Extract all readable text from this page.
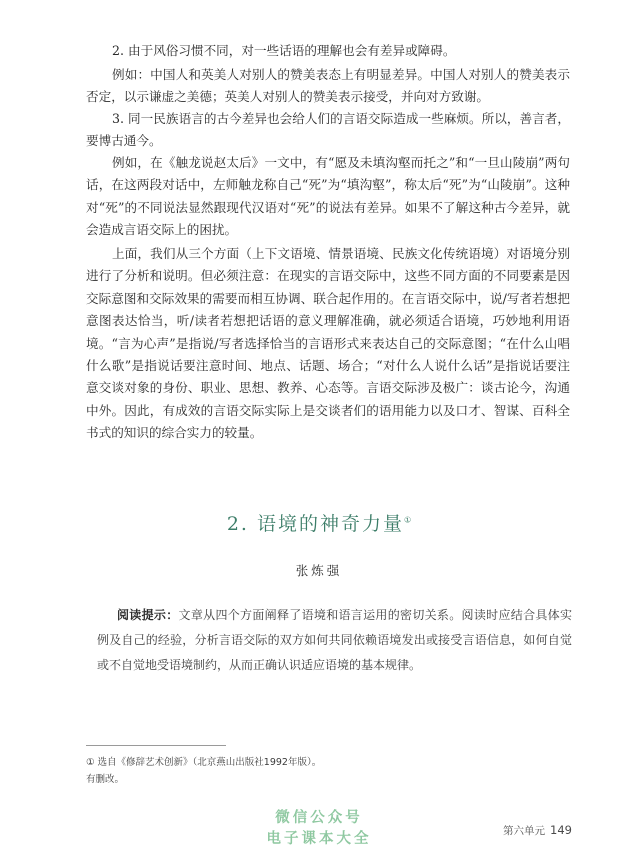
2. 由于风俗习惯不同，对一些话语的理解也会有差异或障碍。

例如：中国人和英美人对别人的赞美表态上有明显差异。中国人对别人的赞美表示否定，以示谦虚之美德；英美人对别人的赞美表示接受，并向对方致谢。

3. 同一民族语言的古今差异也会给人们的言语交际造成一些麻烦。所以，善言者，要博古通今。

例如，在《触龙说赵太后》一文中，有“愿及未填沟壑而托之”和“一旦山陵崩”两句话，在这两段对话中，左师触龙称自己“死”为“填沟壑”，称太后“死”为“山陵崩”。这种对“死”的不同说法显然跟现代汉语对“死”的说法有差异。如果不了解这种古今差异，就会造成言语交际上的困扰。

上面，我们从三个方面（上下文语境、情景语境、民族文化传统语境）对语境分别进行了分析和说明。但必须注意：在现实的言语交际中，这些不同方面的不同要素是因交际意图和交际效果的需要而相互协调、联合起作用的。在言语交际中，说/写者若想把意图表达恰当，听/读者若想把话语的意义理解准确，就必须适合语境，巧妙地利用语境。“言为心声”是指说/写者选择恰当的言语形式来表达自己的交际意图；“在什么山唱什么歌”是指说话要注意时间、地点、话题、场合；“对什么人说什么话”是指说话要注意交谈对象的身份、职业、思想、教养、心态等。言语交际涉及极广：谈古论今，沟通中外。因此，有成效的言语交际实际上是交谈者们的语用能力以及口才、智谋、百科全书式的知识的综合实力的较量。

2. 语境的神奇力量①
张炼强

阅读提示：文章从四个方面阐释了语境和语言运用的密切关系。阅读时应结合具体实例及自己的经验，分析言语交际的双方如何共同依赖语境发出或接受言语信息，如何自觉或不自觉地受语境制约，从而正确认识适应语境的基本规律。

① 选自《修辞艺术创新》（北京燕山出版社1992年版）。
有删改。
微信公众号
电子课本大全	第六单元 149
